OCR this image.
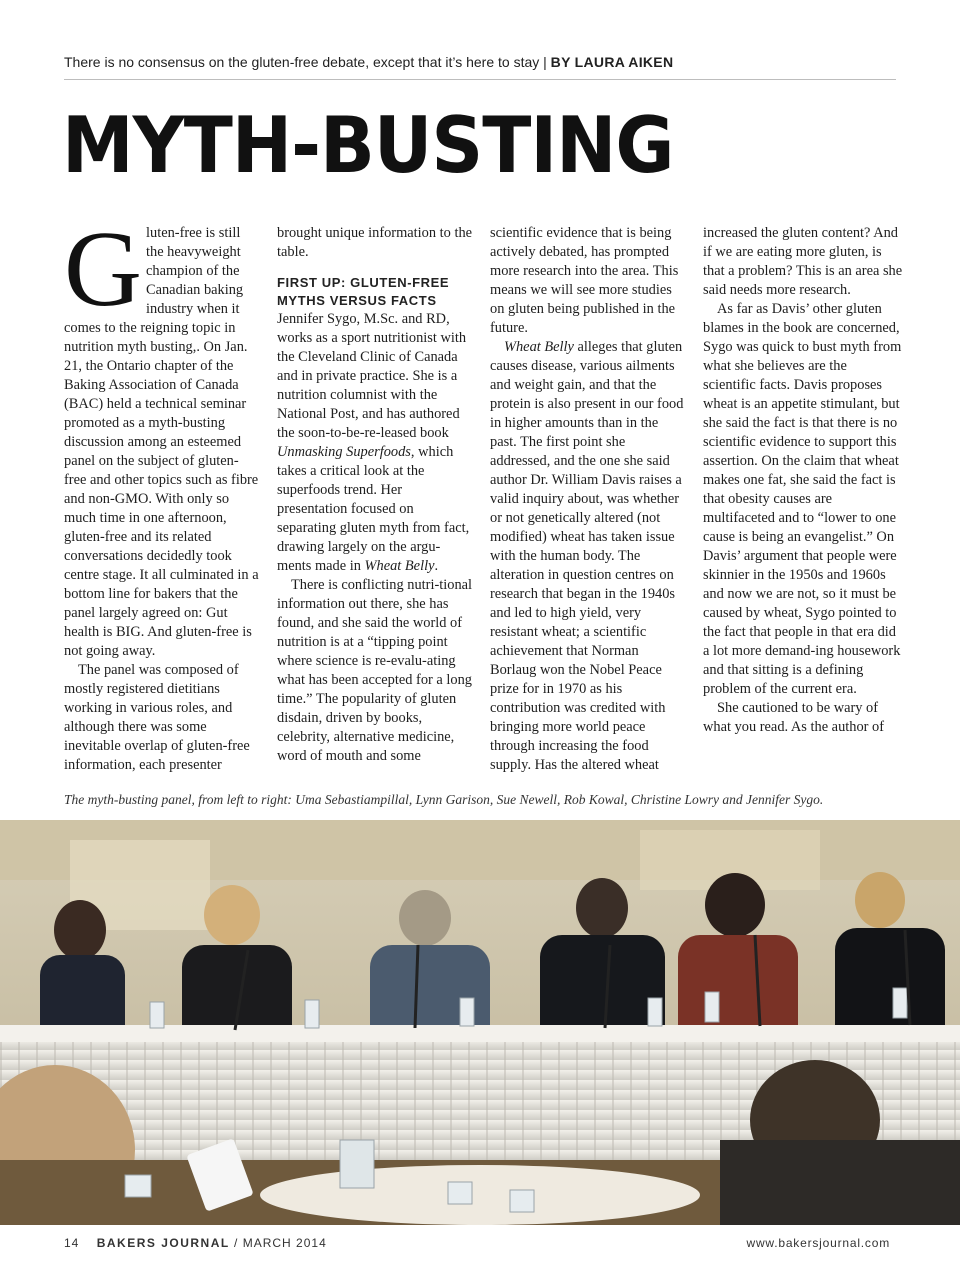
There is no consensus on the gluten-free debate, except that it’s here to stay | BY LAURA AIKEN
MYTH-BUSTING

Gluten-free is still the heavyweight champion of the Canadian baking industry when it comes to the reigning topic in nutrition myth busting,. On Jan. 21, the Ontario chapter of the Baking Association of Canada (BAC) held a technical seminar promoted as a myth-busting discussion among an esteemed panel on the subject of gluten-free and other topics such as fibre and non-GMO. With only so much time in one afternoon, gluten-free and its related conversations decidedly took centre stage. It all culminated in a bottom line for bakers that the panel largely agreed on: Gut health is BIG. And gluten-free is not going away.

The panel was composed of mostly registered dietitians working in various roles, and although there was some inevitable overlap of gluten-free information, each presenter

brought unique information to the table.

FIRST UP: GLUTEN-FREE MYTHS VERSUS FACTS

Jennifer Sygo, M.Sc. and RD, works as a sport nutritionist with the Cleveland Clinic of Canada and in private practice. She is a nutrition columnist with the National Post, and has authored the soon-to-be-re-leased book Unmasking Superfoods, which takes a critical look at the superfoods trend. Her presentation focused on separating gluten myth from fact, drawing largely on the argu-ments made in Wheat Belly.

There is conflicting nutri-tional information out there, she has found, and she said the world of nutrition is at a “tipping point where science is re-evalu-ating what has been accepted for a long time.” The popularity of gluten disdain, driven by books, celebrity, alternative medicine, word of mouth and some

scientific evidence that is being actively debated, has prompted more research into the area. This means we will see more studies on gluten being published in the future.

Wheat Belly alleges that gluten causes disease, various ailments and weight gain, and that the protein is also present in our food in higher amounts than in the past. The first point she addressed, and the one she said author Dr. William Davis raises a valid inquiry about, was whether or not genetically altered (not modified) wheat has taken issue with the human body. The alteration in question centres on research that began in the 1940s and led to high yield, very resistant wheat; a scientific achievement that Norman Borlaug won the Nobel Peace prize for in 1970 as his contribution was credited with bringing more world peace through increasing the food supply. Has the altered wheat

increased the gluten content? And if we are eating more gluten, is that a problem? This is an area she said needs more research.

As far as Davis’ other gluten blames in the book are concerned, Sygo was quick to bust myth from what she believes are the scientific facts. Davis proposes wheat is an appetite stimulant, but she said the fact is that there is no scientific evidence to support this assertion. On the claim that wheat makes one fat, she said the fact is that obesity causes are multifaceted and to “lower to one cause is being an evangelist.” On Davis’ argument that people were skinnier in the 1950s and 1960s and now we are not, so it must be caused by wheat, Sygo pointed to the fact that people in that era did a lot more demand-ing housework and that sitting is a defining problem of the current era.

She cautioned to be wary of what you read. As the author of

The myth-busting panel, from left to right: Uma Sebastiampillal, Lynn Garison, Sue Newell, Rob Kowal, Christine Lowry and Jennifer Sygo.
14 BAKERS JOURNAL / MARCH 2014	www.bakersjournal.com
